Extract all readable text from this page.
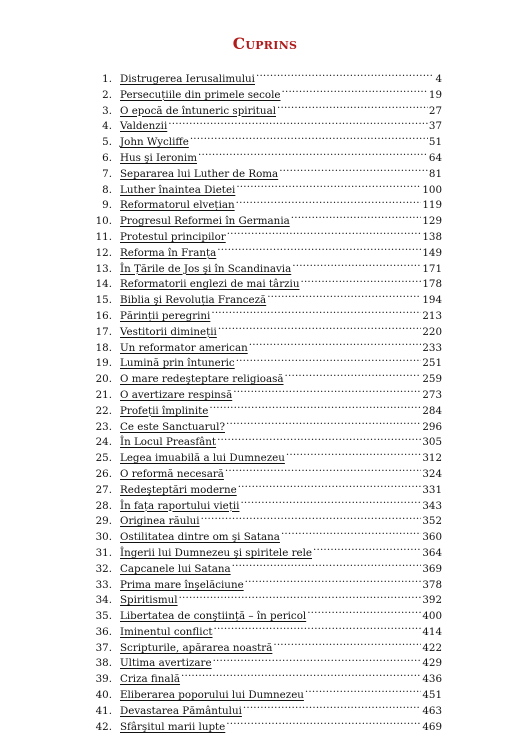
Cuprins
1. Distrugerea Ierusalimului .....	4
2. Persecuțiile din primele secole .....	19
3. O epocă de întuneric spiritual .....	27
4. Valdenzii .....	37
5. John Wycliffe .....	51
6. Hus şi Ieronim .....	64
7. Separarea lui Luther de Roma .....	81
8. Luther înaintea Dietei .....	100
9. Reformatorul elvețian .....	119
10. Progresul Reformei în Germania .....	129
11. Protestul principilor .....	138
12. Reforma în Franța .....	149
13. În Țările de Jos şi în Scandinavia .....	171
14. Reformatorii englezi de mai târziu .....	178
15. Biblia şi Revoluția Franceză .....	194
16. Părinții peregrini .....	213
17. Vestitorii dimineții .....	220
18. Un reformator american .....	233
19. Lumină prin întuneric .....	251
20. O mare redeşteptare religioasă .....	259
21. O avertizare respinsă .....	273
22. Profeții împlinite .....	284
23. Ce este Sanctuarul? .....	296
24. În Locul Preasfânt .....	305
25. Legea imuabilă a lui Dumnezeu .....	312
26. O reformă necesară .....	324
27. Redeşteptări moderne .....	331
28. În fața raportului vieții .....	343
29. Originea răului .....	352
30. Ostilitatea dintre om şi Satana .....	360
31. Îngerii lui Dumnezeu şi spiritele rele .....	364
32. Capcanele lui Satana .....	369
33. Prima mare înşelăciune .....	378
34. Spiritismul .....	392
35. Libertatea de conştiință – în pericol .....	400
36. Iminentul conflict .....	414
37. Scripturile, apărarea noastră .....	422
38. Ultima avertizare .....	429
39. Criza finală .....	436
40. Eliberarea poporului lui Dumnezeu .....	451
41. Devastarea Pământului .....	463
42. Sfârşitul marii lupte .....	469
